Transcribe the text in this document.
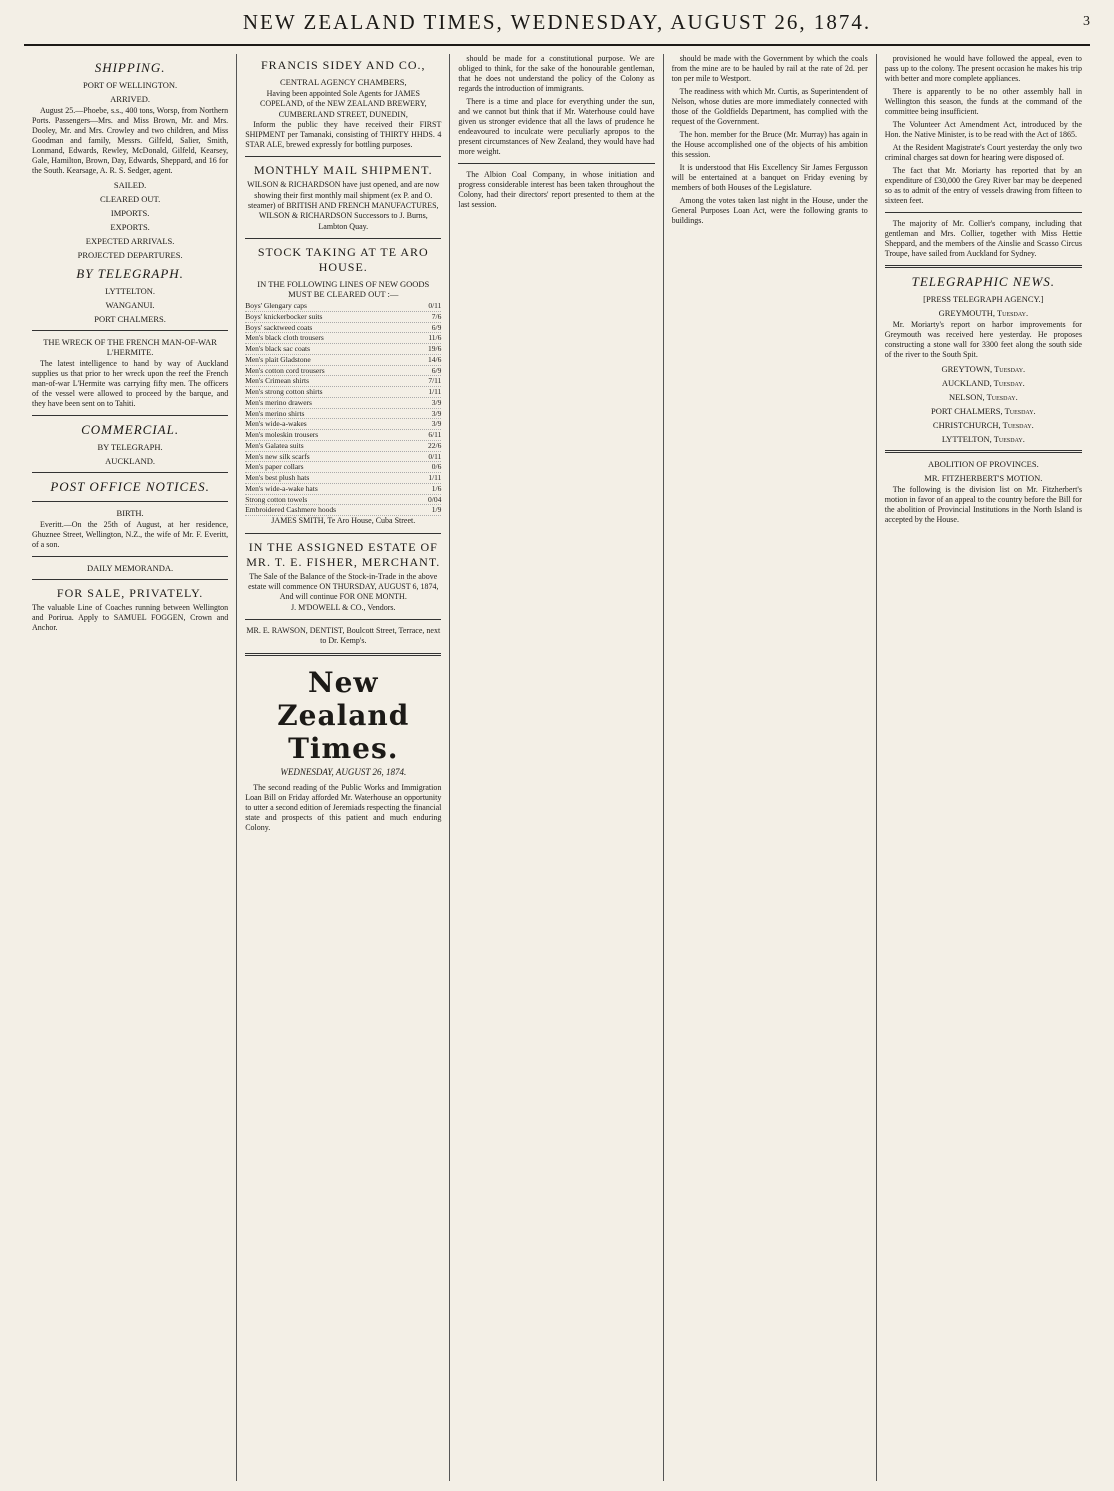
NEW ZEALAND TIMES, WEDNESDAY, AUGUST 26, 1874.	3
SHIPPING.
PORT OF WELLINGTON.
ARRIVED.

August 25.—Phoebe, s.s., 400 tons, Worsp, from Northern Ports. Passengers—Mrs. and Miss Brown, Mr. and Mrs. Dooley, Mr. and Mrs. Crowley and two children, and Miss Goodman and family, Messrs. Gilfeld, Salier, Smith, Lonmand, Edwards, Rewley, McDonald, Gilfeld, Kearsey, Gale, Hamilton, Brown, Day, Edwards, Sheppard, and 16 for the South. Kearsage, A. R. S. Sedger, agent.

SAILED.
CLEARED OUT.
IMPORTS.
EXPORTS.
EXPECTED ARRIVALS.
PROJECTED DEPARTURES.
BY TELEGRAPH.
LYTTELTON.
WANGANUI.
PORT CHALMERS.
THE WRECK OF THE FRENCH MAN-OF-WAR L'HERMITE.

The latest intelligence to hand by way of Auckland supplies us that prior to her wreck upon the reef the French man-of-war L'Hermite was carrying fifty men. The officers of the vessel were allowed to proceed by the barque, and they have been sent on to Tahiti.

COMMERCIAL.
BY TELEGRAPH.
AUCKLAND.
POST OFFICE NOTICES.
BIRTH.

Everitt.—On the 25th of August, at her residence, Ghuznee Street, Wellington, N.Z., the wife of Mr. F. Everitt, of a son.

DAILY MEMORANDA.
FOR SALE, PRIVATELY.

The valuable Line of Coaches running between Wellington and Porirua. Apply to SAMUEL FOGGEN, Crown and Anchor.

FRANCIS SIDEY AND CO.,
CENTRAL AGENCY CHAMBERS,

Having been appointed Sole Agents for JAMES COPELAND, of the NEW ZEALAND BREWERY, CUMBERLAND STREET, DUNEDIN,

Inform the public they have received their FIRST SHIPMENT per Tamanaki, consisting of THIRTY HHDS. 4 STAR ALE, brewed expressly for bottling purposes.

MONTHLY MAIL SHIPMENT.

WILSON & RICHARDSON have just opened, and are now showing their first monthly mail shipment (ex P. and O. steamer) of BRITISH AND FRENCH MANUFACTURES,

WILSON & RICHARDSON Successors to J. Burns, Lambton Quay.

STOCK TAKING AT TE ARO HOUSE.
IN THE FOLLOWING LINES OF NEW GOODS MUST BE CLEARED OUT :—
Boys' Glengary caps	0/11
Boys' knickerbocker suits	7/6
Boys' sacktweed coats	6/9
Men's black cloth trousers	11/6
Men's black sac coats	19/6
Men's plait Gladstone	14/6
Men's cotton cord trousers	6/9
Men's Crimean shirts	7/11
Men's strong cotton shirts	1/11
Men's merino drawers	3/9
Men's merino shirts	3/9
Men's wide-a-wakes	3/9
Men's moleskin trousers	6/11
Men's Galatea suits	22/6
Men's new silk scarfs	0/11
Men's paper collars	0/6
Men's best plush hats	1/11
Men's wide-a-wake hats	1/6
Strong cotton towels	0/04
Embroidered Cashmere hoods	1/9

JAMES SMITH, Te Aro House, Cuba Street.

IN THE ASSIGNED ESTATE OF MR. T. E. FISHER, MERCHANT.

The Sale of the Balance of the Stock-in-Trade in the above estate will commence ON THURSDAY, AUGUST 6, 1874, And will continue FOR ONE MONTH.

J. M'DOWELL & CO., Vendors.

MR. E. RAWSON, DENTIST, Boulcott Street, Terrace, next to Dr. Kemp's.

New Zealand Times.
WEDNESDAY, AUGUST 26, 1874.

The second reading of the Public Works and Immigration Loan Bill on Friday afforded Mr. Waterhouse an opportunity to utter a second edition of Jeremiads respecting the financial state and prospects of this patient and much enduring Colony.

should be made for a constitutional purpose. We are obliged to think, for the sake of the honourable gentleman, that he does not understand the policy of the Colony as regards the introduction of immigrants.

There is a time and place for everything under the sun, and we cannot but think that if Mr. Waterhouse could have given us stronger evidence that all the laws of prudence he endeavoured to inculcate were peculiarly apropos to the present circumstances of New Zealand, they would have had more weight.

The Albion Coal Company, in whose initiation and progress considerable interest has been taken throughout the Colony, had their directors' report presented to them at the last session.

should be made with the Government by which the coals from the mine are to be hauled by rail at the rate of 2d. per ton per mile to Westport.

The readiness with which Mr. Curtis, as Superintendent of Nelson, whose duties are more immediately connected with those of the Goldfields Department, has complied with the request of the Government.

The hon. member for the Bruce (Mr. Murray) has again in the House accomplished one of the objects of his ambition this session.

It is understood that His Excellency Sir James Fergusson will be entertained at a banquet on Friday evening by members of both Houses of the Legislature.

Among the votes taken last night in the House, under the General Purposes Loan Act, were the following grants to buildings.

provisioned he would have followed the appeal, even to pass up to the colony. The present occasion he makes his trip with better and more complete appliances.

There is apparently to be no other assembly hall in Wellington this season, the funds at the command of the committee being insufficient.

The Volunteer Act Amendment Act, introduced by the Hon. the Native Minister, is to be read with the Act of 1865.

At the Resident Magistrate's Court yesterday the only two criminal charges sat down for hearing were disposed of.

The fact that Mr. Moriarty has reported that by an expenditure of £30,000 the Grey River bar may be deepened so as to admit of the entry of vessels drawing from fifteen to sixteen feet.

The majority of Mr. Collier's company, including that gentleman and Mrs. Collier, together with Miss Hettie Sheppard, and the members of the Ainslie and Scasso Circus Troupe, have sailed from Auckland for Sydney.

TELEGRAPHIC NEWS.
[PRESS TELEGRAPH AGENCY.]
GREYMOUTH, Tuesday.

Mr. Moriarty's report on harbor improvements for Greymouth was received here yesterday. He proposes constructing a stone wall for 3300 feet along the south side of the river to the South Spit.

GREYTOWN, Tuesday.
AUCKLAND, Tuesday.
NELSON, Tuesday.
PORT CHALMERS, Tuesday.
CHRISTCHURCH, Tuesday.
LYTTELTON, Tuesday.
ABOLITION OF PROVINCES.
MR. FITZHERBERT'S MOTION.

The following is the division list on Mr. Fitzherbert's motion in favor of an appeal to the country before the Bill for the abolition of Provincial Institutions in the North Island is accepted by the House.
